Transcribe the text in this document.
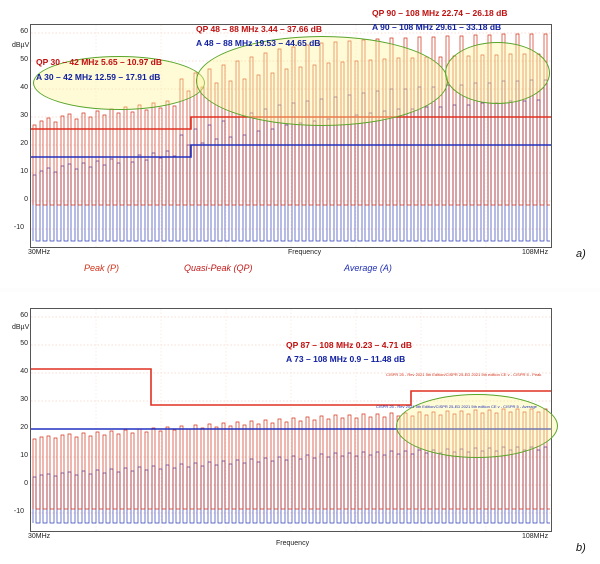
dBµV
60
50
40
30
20
10
0
-10
QP 30 – 42 MHz 5.65 – 10.97 dB
A 30 – 42 MHz 12.59 – 17.91 dB
QP 48 – 88 MHz 3.44 – 37.66 dB
A 48 – 88 MHz 19.53 – 44.65 dB
QP 90 – 108 MHz 22.74 – 26.18 dB
A 90 – 108 MHz 29.61 – 33.18 dB
30MHz	108MHz
Frequency
Peak (P)	Quasi-Peak (QP)	Average (A)
a)
dBµV
60
50
40
30
20
10
0
-10
QP 87 – 108 MHz 0.23 – 4.71 dB
A 73 – 108 MHz 0.9 – 11.48 dB
CISPR 25 - Rev 2021 5th Edition/CISPR 25-ED 2021 5th edition CE v - CISPR 5 - Peak
CISPR 25 - Rev 2021 5th Edition/CISPR 25-ED 2021 5th edition CE v - CISPR 5 - Average
30MHz	108MHz
Frequency	b)
